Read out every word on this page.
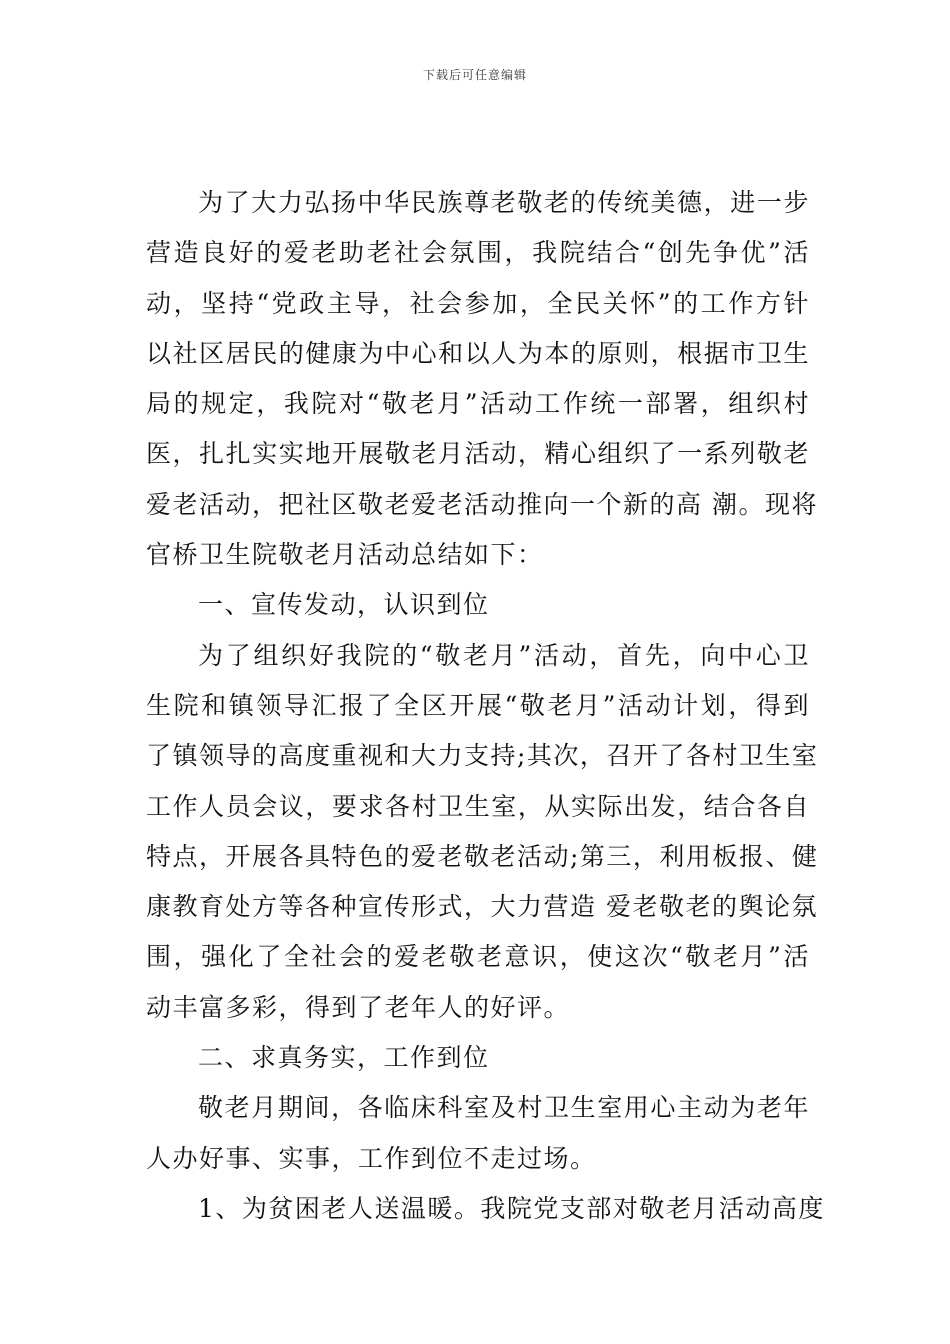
下载后可任意编辑
为了大力弘扬中华民族尊老敬老的传统美德，进一步
营造良好的爱老助老社会氛围，我院结合“创先争优”活
动，坚持“党政主导，社会参加，全民关怀”的工作方针
以社区居民的健康为中心和以人为本的原则，根据市卫生
局的规定，我院对“敬老月”活动工作统一部署，组织村
医，扎扎实实地开展敬老月活动，精心组织了一系列敬老
爱老活动，把社区敬老爱老活动推向一个新的高 潮。现将
官桥卫生院敬老月活动总结如下：
一、宣传发动，认识到位
为了组织好我院的“敬老月”活动，首先，向中心卫
生院和镇领导汇报了全区开展“敬老月”活动计划，得到
了镇领导的高度重视和大力支持;其次，召开了各村卫生室
工作人员会议，要求各村卫生室，从实际出发，结合各自
特点，开展各具特色的爱老敬老活动;第三，利用板报、健
康教育处方等各种宣传形式，大力营造 爱老敬老的舆论氛
围，强化了全社会的爱老敬老意识，使这次“敬老月”活
动丰富多彩，得到了老年人的好评。
二、求真务实，工作到位
敬老月期间，各临床科室及村卫生室用心主动为老年
人办好事、实事，工作到位不走过场。
1、为贫困老人送温暖。我院党支部对敬老月活动高度
